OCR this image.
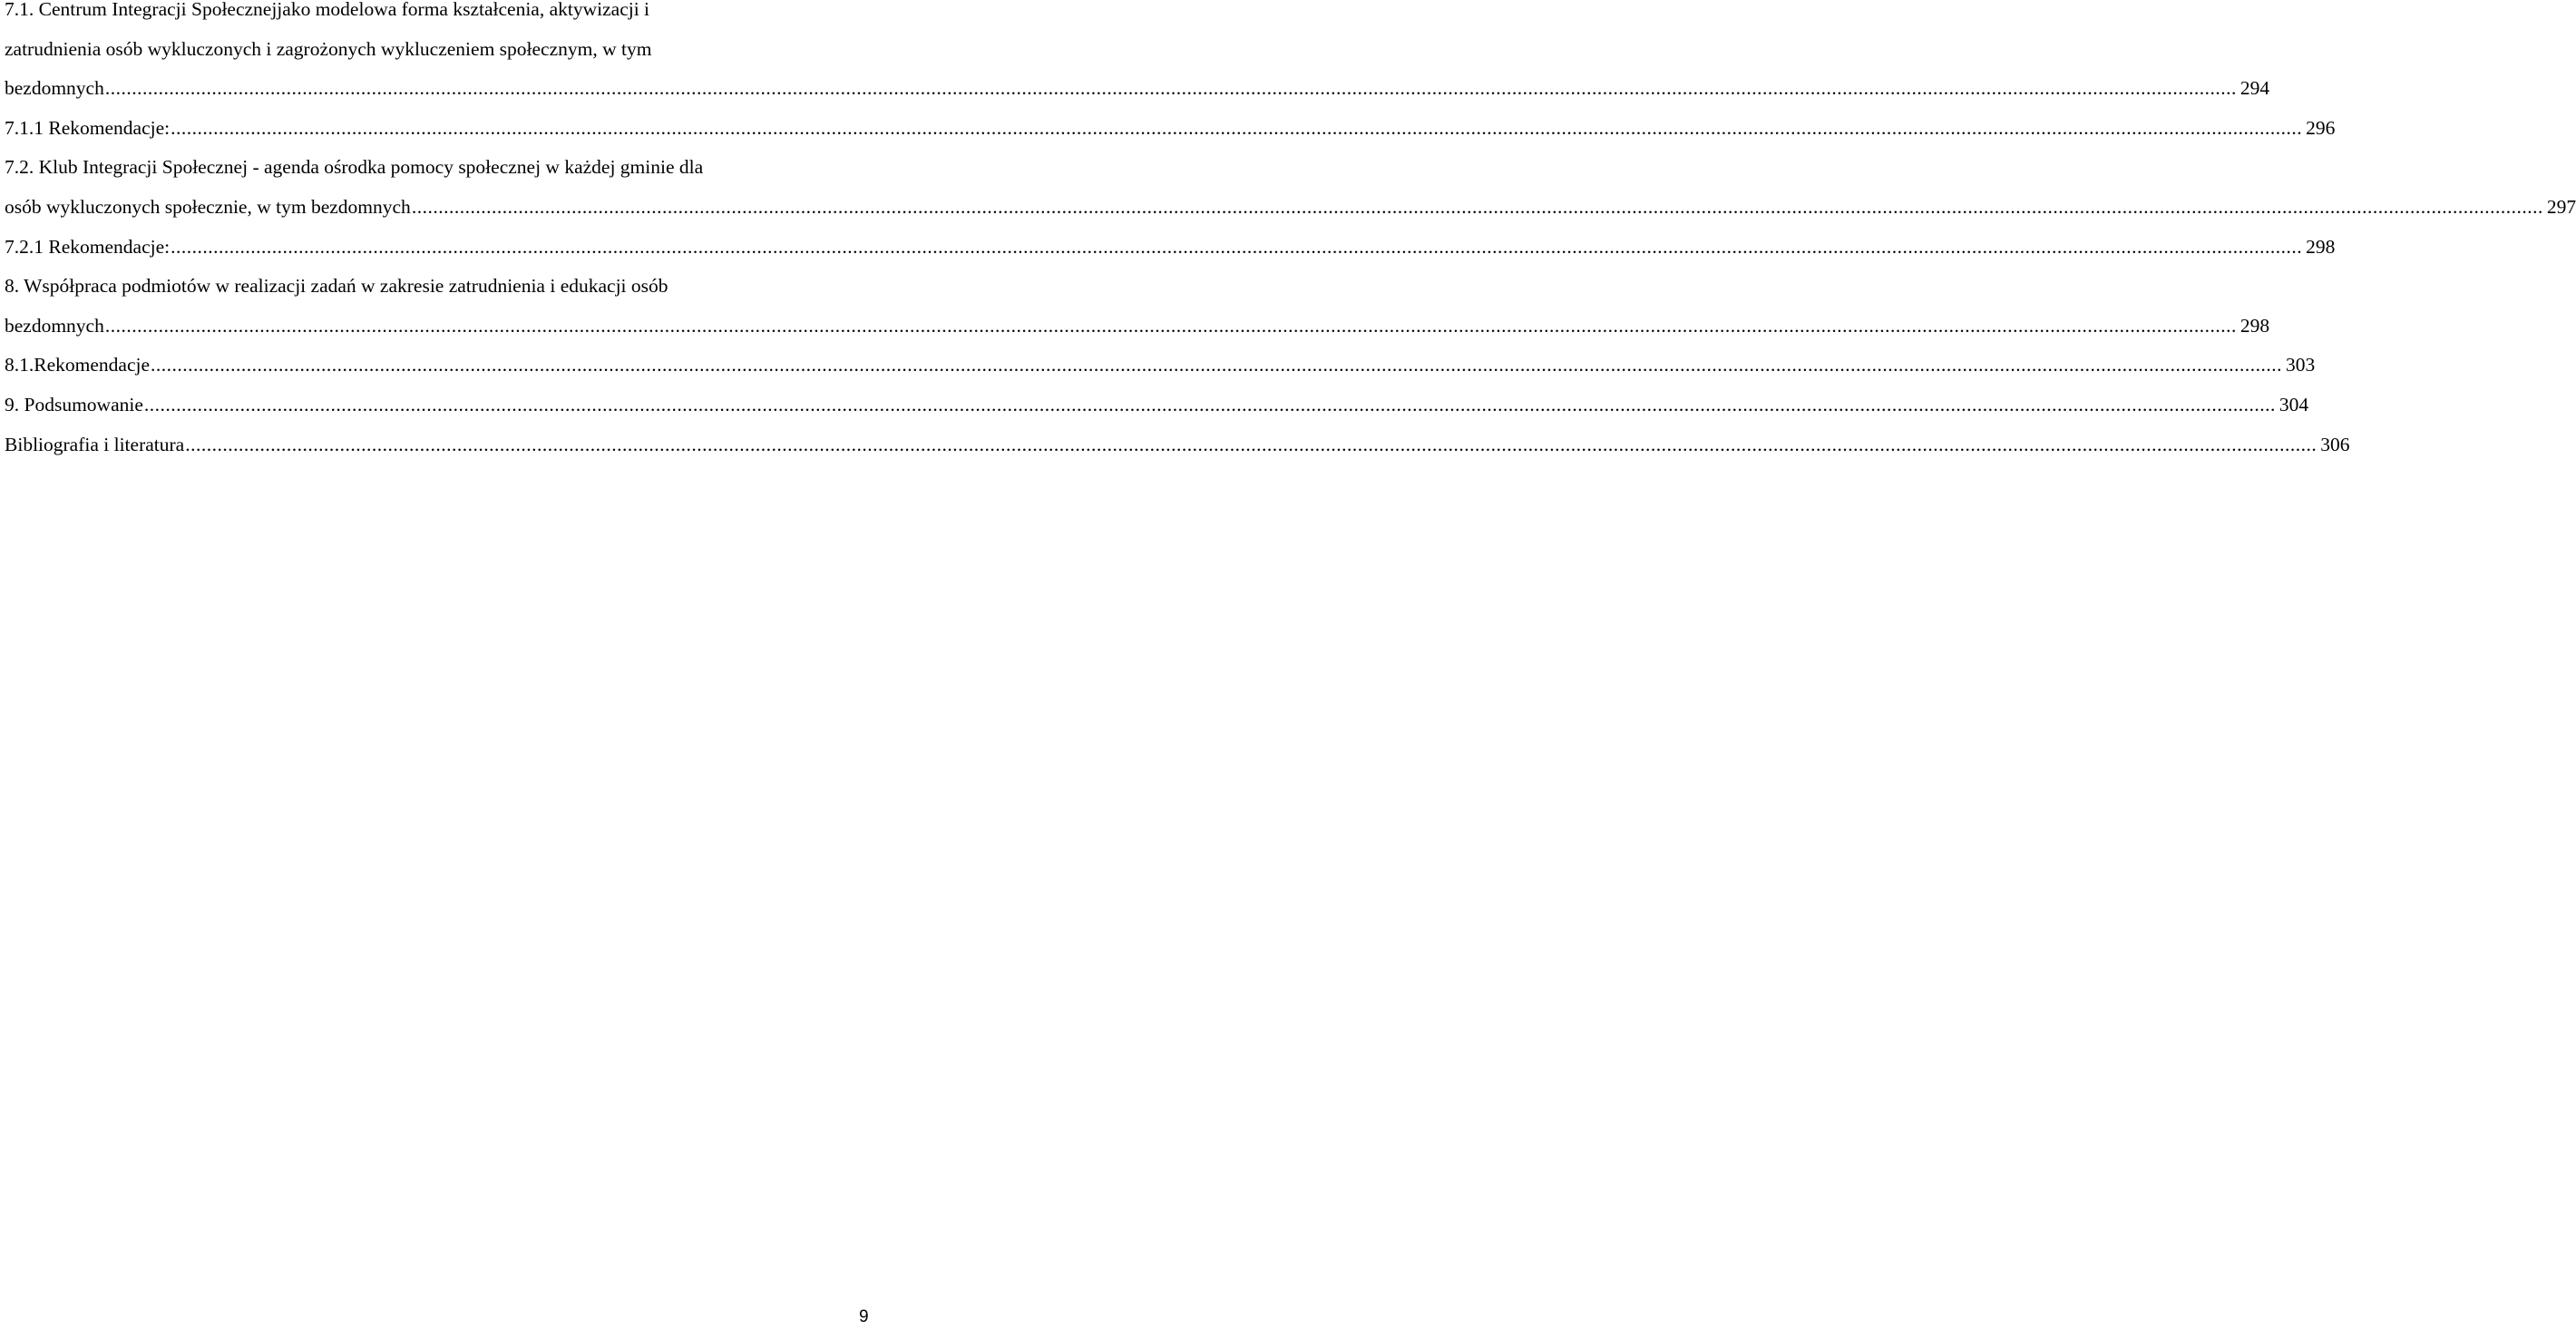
7.1. Centrum Integracji Społecznejjako modelowa forma kształcenia, aktywizacji i
zatrudnienia osób wykluczonych i zagrożonych wykluczeniem społecznym, w tym
bezdomnych ................................................................................................................................................................................................................................................................................................................................................................................................................ 294
7.1.1 Rekomendacje: ................................................................................................................................................................................................................................................................................................................................................................................................................ 296
7.2. Klub Integracji Społecznej - agenda ośrodka pomocy społecznej w każdej gminie dla
osób wykluczonych społecznie, w tym bezdomnych ................................................................................................................................................................................................................................................................................................................................................................................................................ 297
7.2.1 Rekomendacje: ................................................................................................................................................................................................................................................................................................................................................................................................................ 298
8. Współpraca podmiotów w realizacji zadań w zakresie zatrudnienia i edukacji osób
bezdomnych ................................................................................................................................................................................................................................................................................................................................................................................................................ 298
8.1.Rekomendacje ................................................................................................................................................................................................................................................................................................................................................................................................................ 303
9. Podsumowanie ................................................................................................................................................................................................................................................................................................................................................................................................................ 304
Bibliografia i literatura ................................................................................................................................................................................................................................................................................................................................................................................................................ 306
9
